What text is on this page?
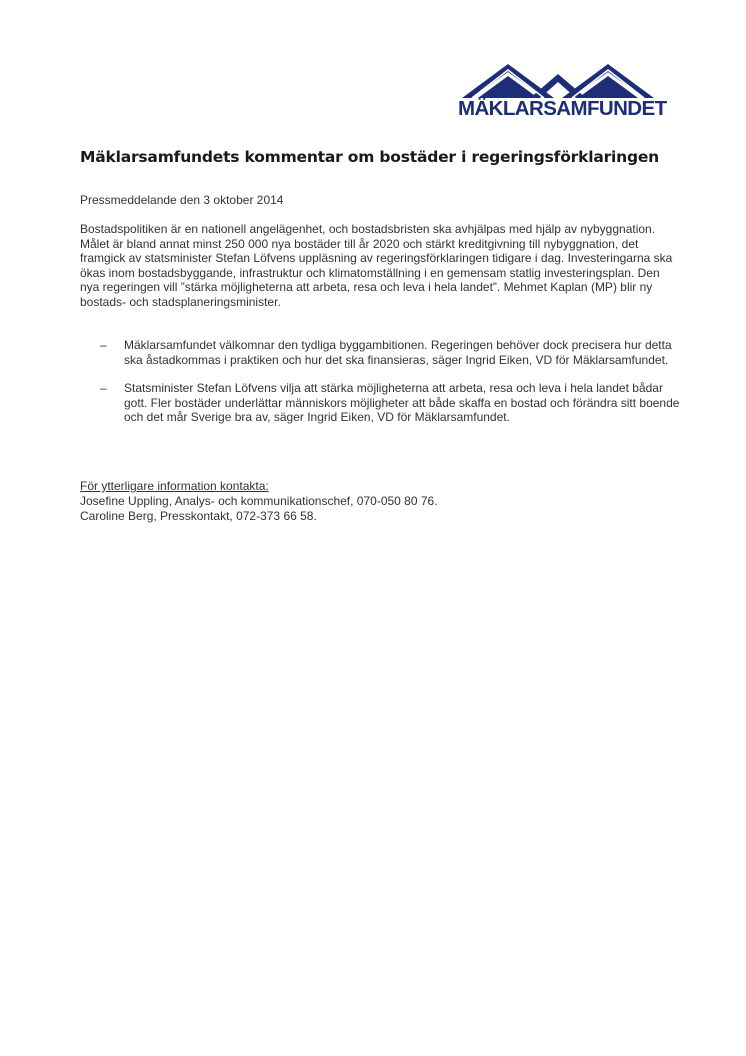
MÄKLARSAMFUNDET
Mäklarsamfundets kommentar om bostäder i regeringsförklaringen
Pressmeddelande den 3 oktober 2014

Bostadspolitiken är en nationell angelägenhet, och bostadsbristen ska avhjälpas med hjälp av nybyggnation. Målet är bland annat minst 250 000 nya bostäder till år 2020 och stärkt kreditgivning till nybyggnation, det framgick av statsminister Stefan Löfvens uppläsning av regeringsförklaringen tidigare i dag. Investeringarna ska ökas inom bostadsbyggande, infrastruktur och klimatomställning i en gemensam statlig investeringsplan. Den nya regeringen vill ”stärka möjligheterna att arbeta, resa och leva i hela landet”. Mehmet Kaplan (MP) blir ny bostads- och stadsplaneringsminister.

–	Mäklarsamfundet välkomnar den tydliga byggambitionen. Regeringen behöver dock precisera hur detta ska åstadkommas i praktiken och hur det ska finansieras, säger Ingrid Eiken, VD för Mäklarsamfundet.
–	Statsminister Stefan Löfvens vilja att stärka möjligheterna att arbeta, resa och leva i hela landet bådar gott. Fler bostäder underlättar människors möjligheter att både skaffa en bostad och förändra sitt boende och det mår Sverige bra av, säger Ingrid Eiken, VD för Mäklarsamfundet.
För ytterligare information kontakta:
Josefine Uppling, Analys- och kommunikationschef, 070-050 80 76.
Caroline Berg, Presskontakt, 072-373 66 58.
